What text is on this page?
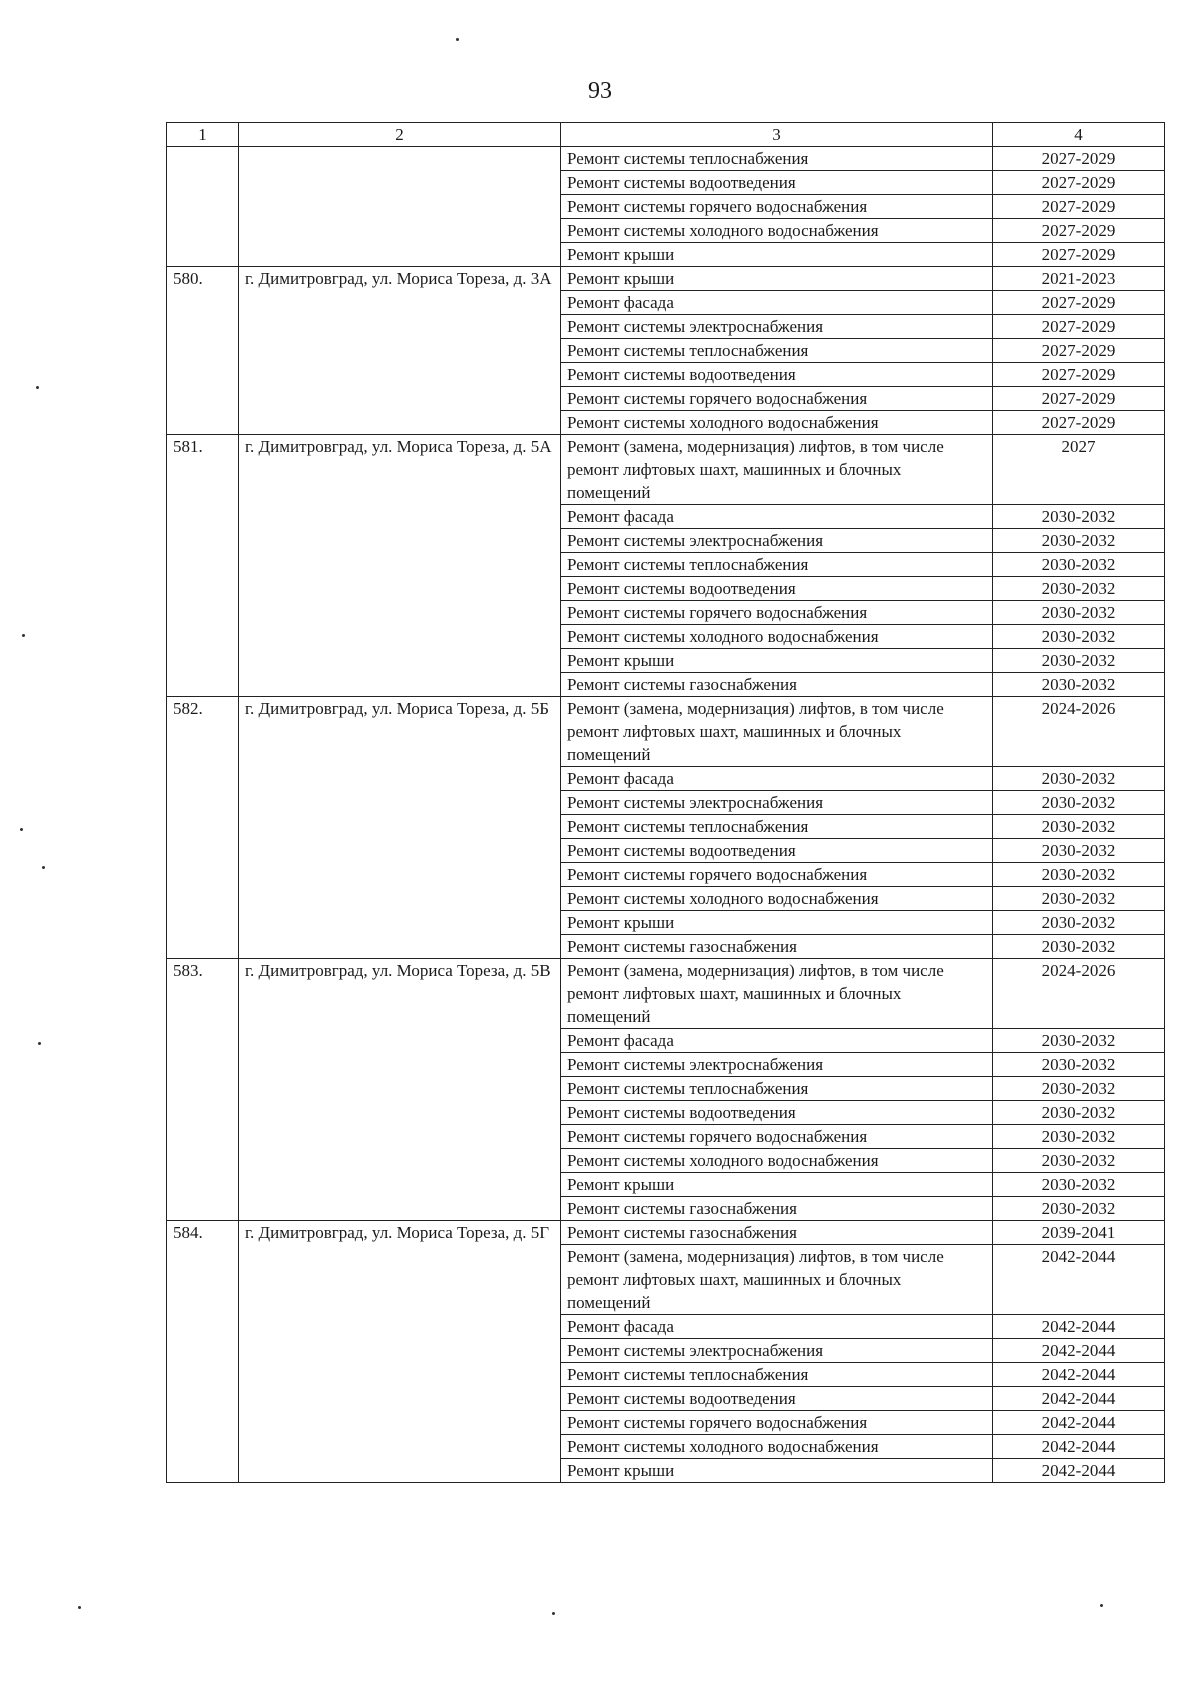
93
1	2	3	4
		Ремонт системы теплоснабжения	2027-2029
		Ремонт системы водоотведения	2027-2029
		Ремонт системы горячего водоснабжения	2027-2029
		Ремонт системы холодного водоснабжения	2027-2029
		Ремонт крыши	2027-2029
580.	г. Димитровград, ул. Мориса Тореза, д. 3А	Ремонт крыши	2021-2023
		Ремонт фасада	2027-2029
		Ремонт системы электроснабжения	2027-2029
		Ремонт системы теплоснабжения	2027-2029
		Ремонт системы водоотведения	2027-2029
		Ремонт системы горячего водоснабжения	2027-2029
		Ремонт системы холодного водоснабжения	2027-2029
581.	г. Димитровград, ул. Мориса Тореза, д. 5А	Ремонт (замена, модернизация) лифтов, в том числе ремонт лифтовых шахт, машинных и блочных помещений	2027
		Ремонт фасада	2030-2032
		Ремонт системы электроснабжения	2030-2032
		Ремонт системы теплоснабжения	2030-2032
		Ремонт системы водоотведения	2030-2032
		Ремонт системы горячего водоснабжения	2030-2032
		Ремонт системы холодного водоснабжения	2030-2032
		Ремонт крыши	2030-2032
		Ремонт системы газоснабжения	2030-2032
582.	г. Димитровград, ул. Мориса Тореза, д. 5Б	Ремонт (замена, модернизация) лифтов, в том числе ремонт лифтовых шахт, машинных и блочных помещений	2024-2026
		Ремонт фасада	2030-2032
		Ремонт системы электроснабжения	2030-2032
		Ремонт системы теплоснабжения	2030-2032
		Ремонт системы водоотведения	2030-2032
		Ремонт системы горячего водоснабжения	2030-2032
		Ремонт системы холодного водоснабжения	2030-2032
		Ремонт крыши	2030-2032
		Ремонт системы газоснабжения	2030-2032
583.	г. Димитровград, ул. Мориса Тореза, д. 5В	Ремонт (замена, модернизация) лифтов, в том числе ремонт лифтовых шахт, машинных и блочных помещений	2024-2026
		Ремонт фасада	2030-2032
		Ремонт системы электроснабжения	2030-2032
		Ремонт системы теплоснабжения	2030-2032
		Ремонт системы водоотведения	2030-2032
		Ремонт системы горячего водоснабжения	2030-2032
		Ремонт системы холодного водоснабжения	2030-2032
		Ремонт крыши	2030-2032
		Ремонт системы газоснабжения	2030-2032
584.	г. Димитровград, ул. Мориса Тореза, д. 5Г	Ремонт системы газоснабжения	2039-2041
		Ремонт (замена, модернизация) лифтов, в том числе ремонт лифтовых шахт, машинных и блочных помещений	2042-2044
		Ремонт фасада	2042-2044
		Ремонт системы электроснабжения	2042-2044
		Ремонт системы теплоснабжения	2042-2044
		Ремонт системы водоотведения	2042-2044
		Ремонт системы горячего водоснабжения	2042-2044
		Ремонт системы холодного водоснабжения	2042-2044
		Ремонт крыши	2042-2044
